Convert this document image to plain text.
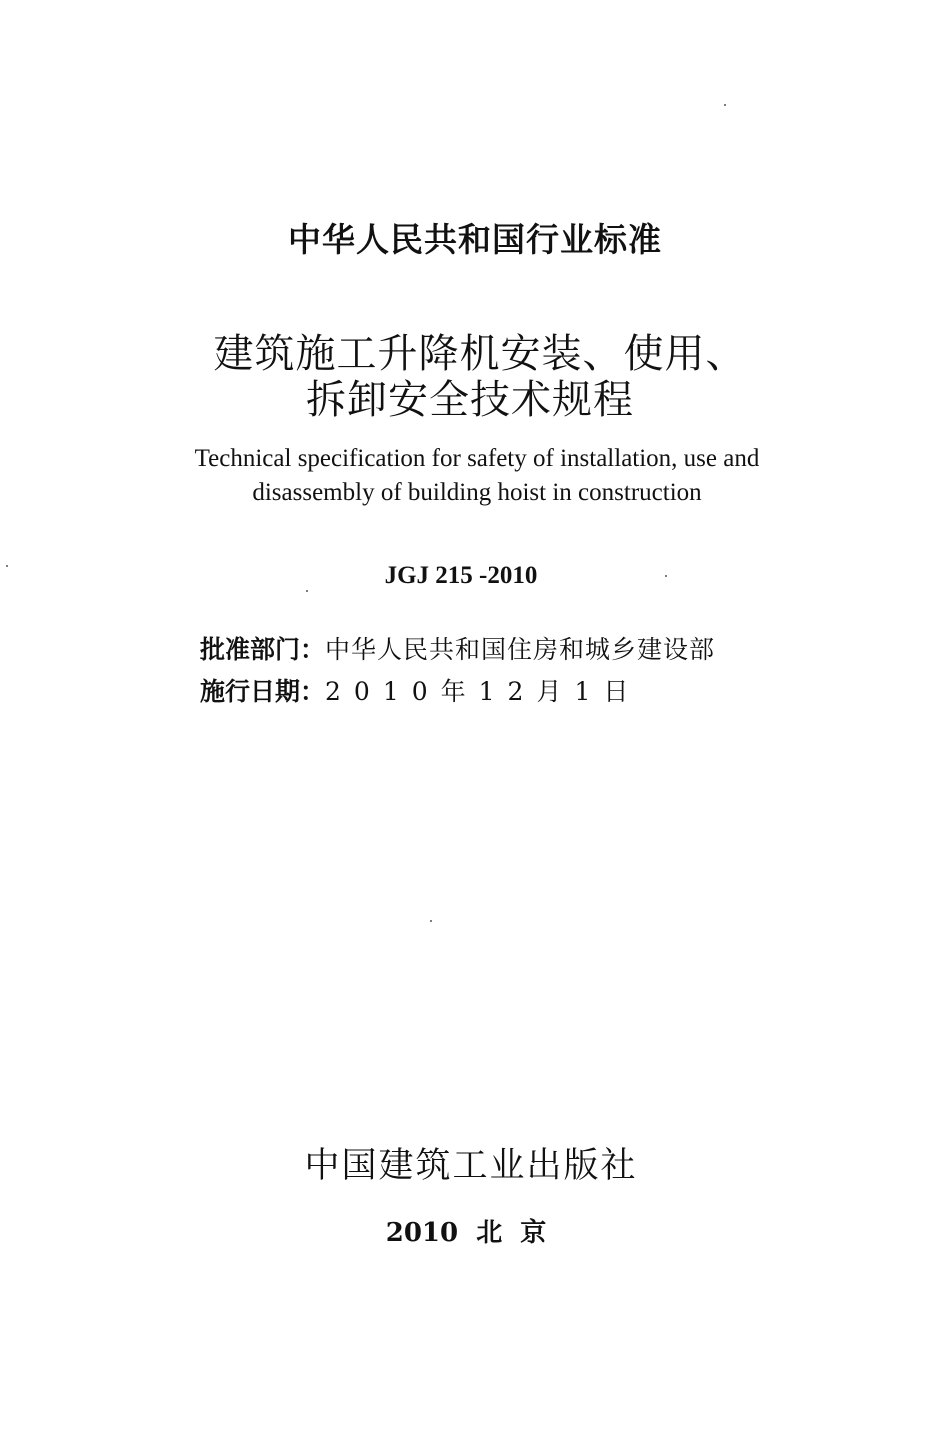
中华人民共和国行业标准
建筑施工升降机安装、使用、
拆卸安全技术规程
Technical specification for safety of installation, use and
disassembly of building hoist in construction
JGJ 215 -2010
批准部门：中华人民共和国住房和城乡建设部
施行日期：2010年12月1日
中国建筑工业出版社
2010 北京
